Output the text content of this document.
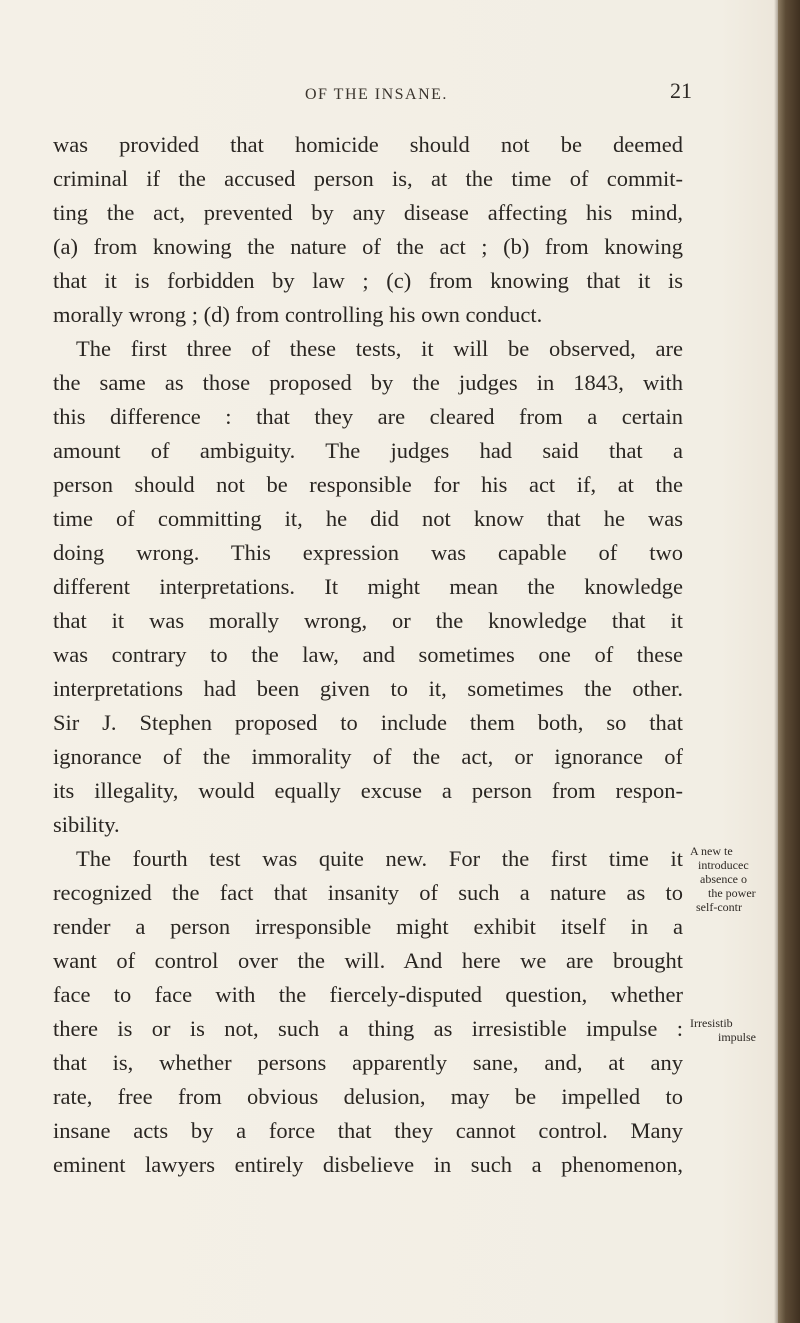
OF THE INSANE.	21
was provided that homicide should not be deemed
criminal if the accused person is, at the time of commit-
ting the act, prevented by any disease affecting his mind,
(a) from knowing the nature of the act ; (b) from knowing
that it is forbidden by law ; (c) from knowing that it is
morally wrong ; (d) from controlling his own conduct.
The first three of these tests, it will be observed, are
the same as those proposed by the judges in 1843, with
this difference : that they are cleared from a certain
amount of ambiguity. The judges had said that a
person should not be responsible for his act if, at the
time of committing it, he did not know that he was
doing wrong. This expression was capable of two
different interpretations. It might mean the knowledge
that it was morally wrong, or the knowledge that it
was contrary to the law, and sometimes one of these
interpretations had been given to it, sometimes the other.
Sir J. Stephen proposed to include them both, so that
ignorance of the immorality of the act, or ignorance of
its illegality, would equally excuse a person from respon-
sibility.
The fourth test was quite new. For the first time it
recognized the fact that insanity of such a nature as to
render a person irresponsible might exhibit itself in a
want of control over the will. And here we are brought
face to face with the fiercely-disputed question, whether
there is or is not, such a thing as irresistible impulse :
that is, whether persons apparently sane, and, at any
rate, free from obvious delusion, may be impelled to
insane acts by a force that they cannot control. Many
eminent lawyers entirely disbelieve in such a phenomenon,
A new te
introducec
absence o
the power
self-contr
Irresistib
impulse
